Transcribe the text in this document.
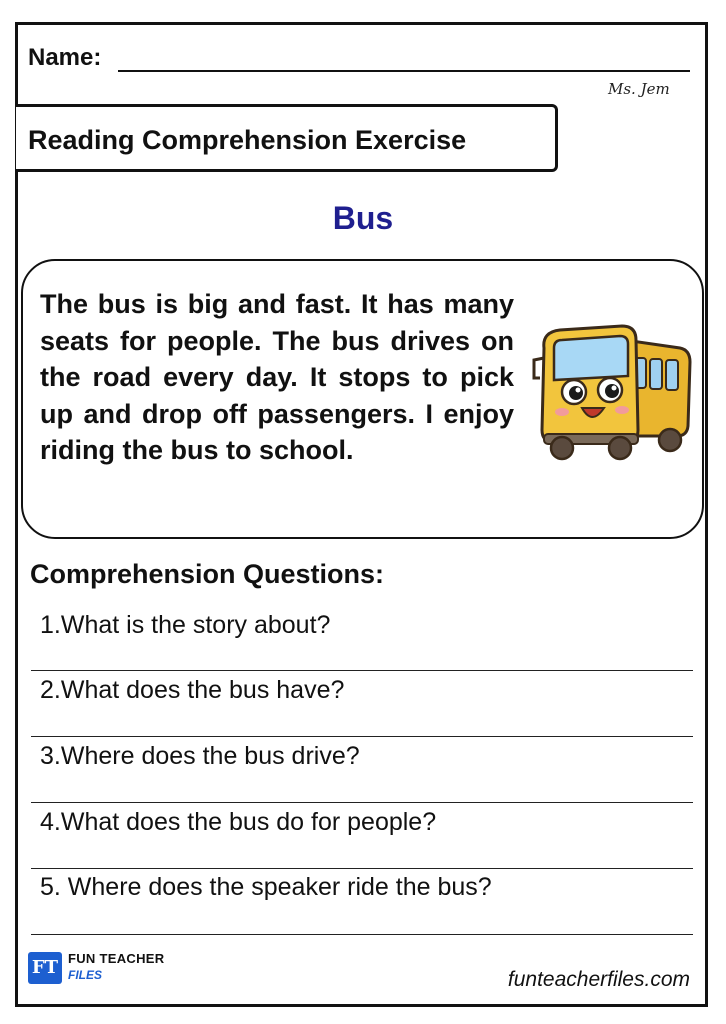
Name:
Ms. Jem
Reading Comprehension Exercise
Bus
The bus is big and fast. It has many seats for people. The bus drives on the road every day. It stops to pick up and drop off passengers. I enjoy riding the bus to school.
Comprehension Questions:
1.What is the story about?
2.What does the bus have?
3.Where does the bus drive?
4.What does the bus do for people?
5. Where does the speaker ride the bus?
FT FUN TEACHER
FILES	funteacherfiles.com
